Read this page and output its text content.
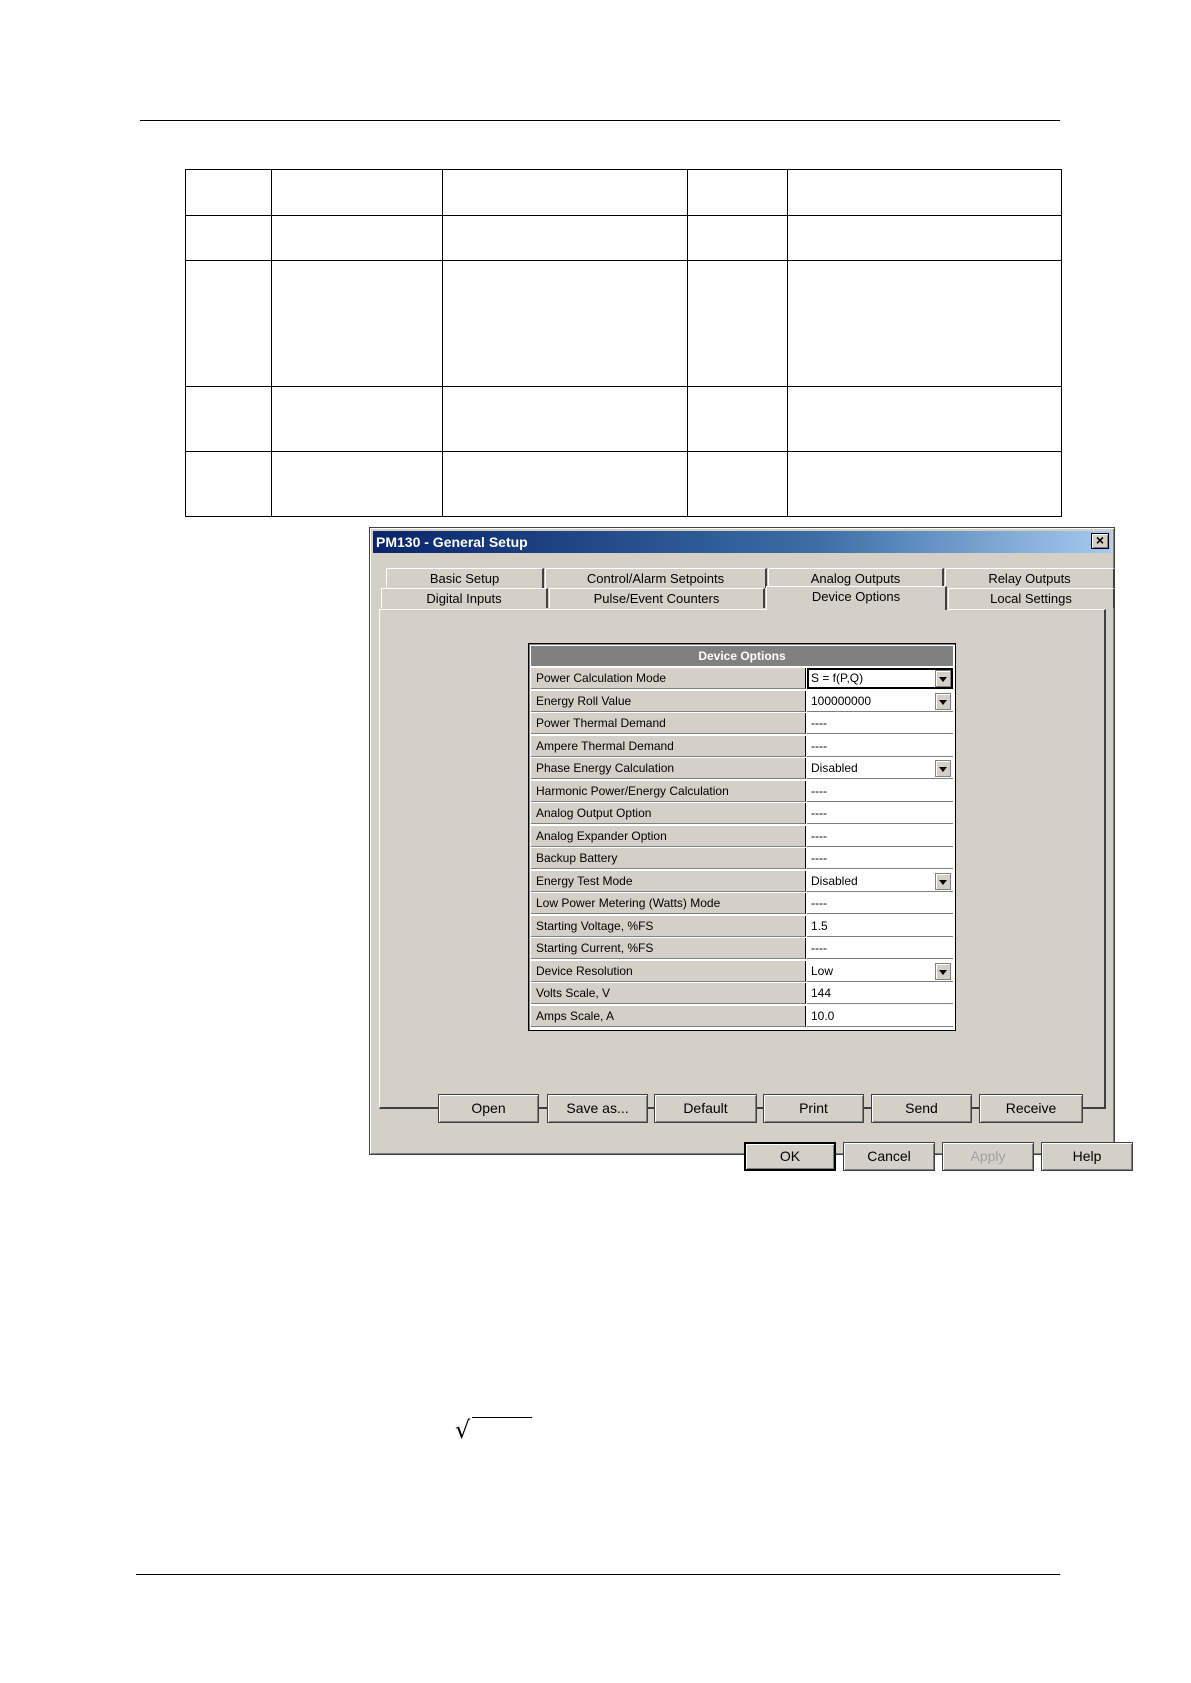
PM130 - General Setup	×
Basic Setup	Control/Alarm Setpoints	Analog Outputs	Relay Outputs
Digital Inputs	Pulse/Event Counters	Device Options	Local Settings
Device Options
Power Calculation Mode	S = f(P,Q)
Energy Roll Value	100000000
Power Thermal Demand	----
Ampere Thermal Demand	----
Phase Energy Calculation	Disabled
Harmonic Power/Energy Calculation	----
Analog Output Option	----
Analog Expander Option	----
Backup Battery	----
Energy Test Mode	Disabled
Low Power Metering (Watts) Mode	----
Starting Voltage, %FS	1.5
Starting Current, %FS	----
Device Resolution	Low
Volts Scale, V	144
Amps Scale, A	10.0
Open	Save as...	Default	Print	Send	Receive
OK	Cancel	Apply	Help
√
